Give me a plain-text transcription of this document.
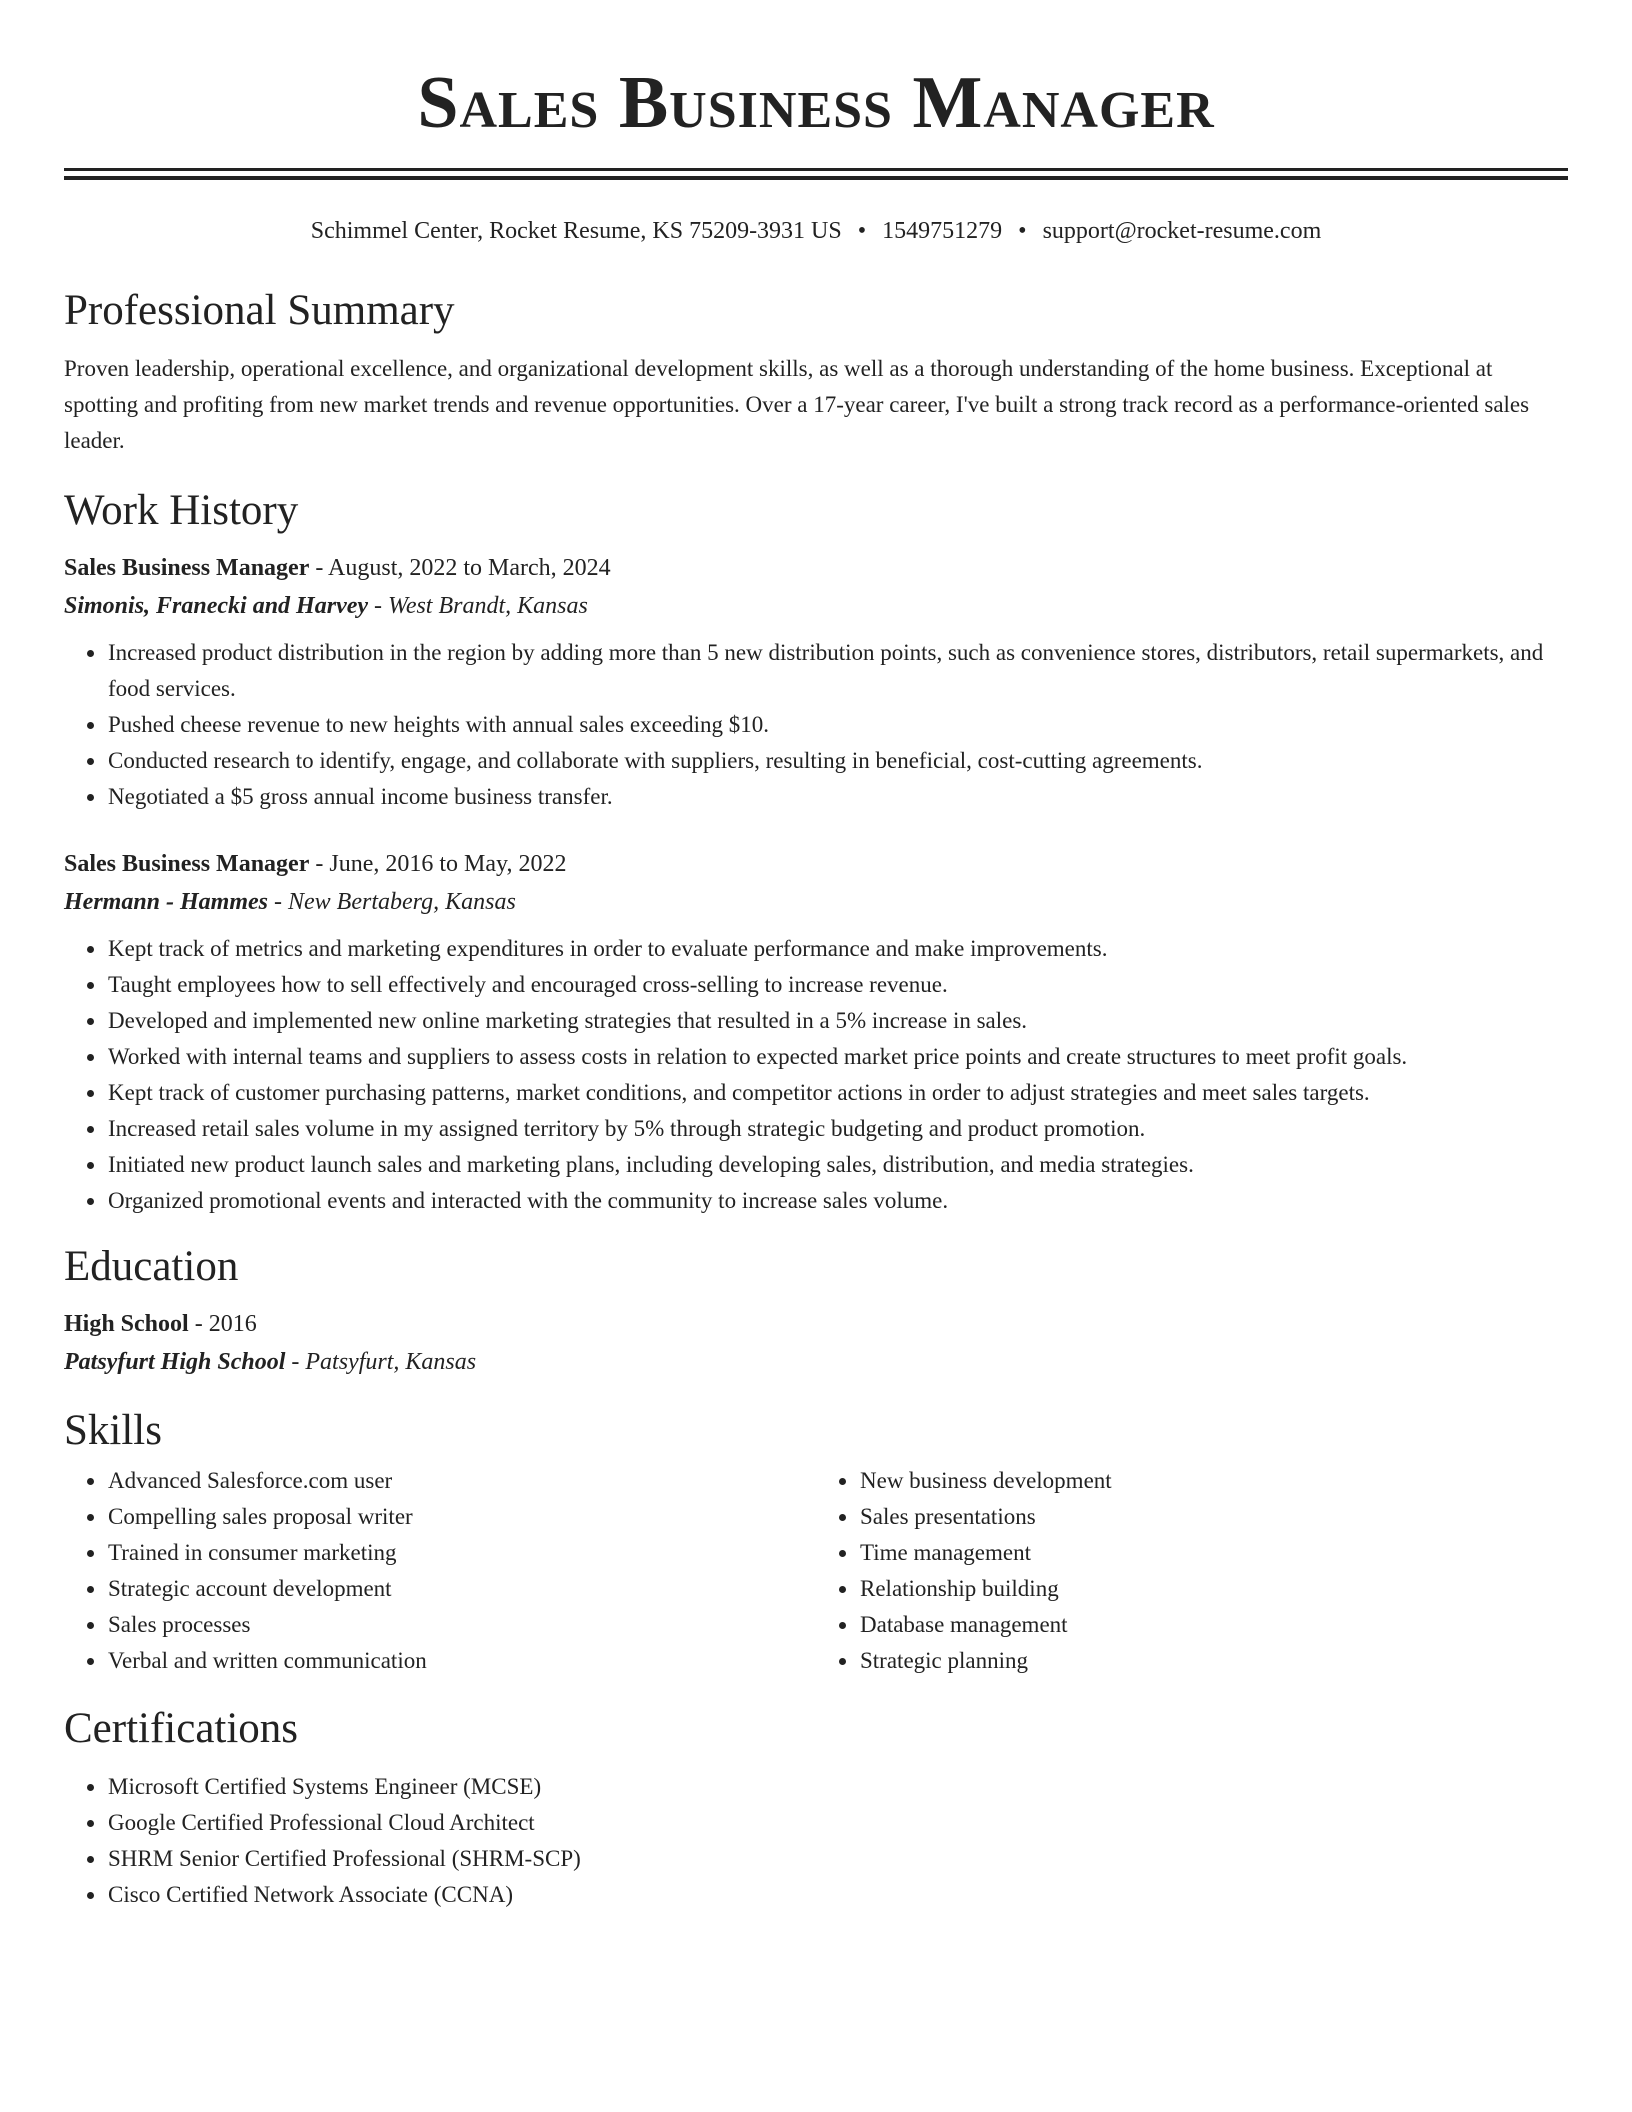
Sales Business Manager
Schimmel Center, Rocket Resume, KS 75209-3931 US • 1549751279 • support@rocket-resume.com
Professional Summary

Proven leadership, operational excellence, and organizational development skills, as well as a thorough understanding of the home business. Exceptional at spotting and profiting from new market trends and revenue opportunities. Over a 17-year career, I've built a strong track record as a performance-oriented sales leader.

Work History
Sales Business Manager - August, 2022 to March, 2024
Simonis, Franecki and Harvey - West Brandt, Kansas
• Increased product distribution in the region by adding more than 5 new distribution points, such as convenience stores, distributors, retail supermarkets, and food services.
• Pushed cheese revenue to new heights with annual sales exceeding $10.
• Conducted research to identify, engage, and collaborate with suppliers, resulting in beneficial, cost-cutting agreements.
• Negotiated a $5 gross annual income business transfer.
Sales Business Manager - June, 2016 to May, 2022
Hermann - Hammes - New Bertaberg, Kansas
• Kept track of metrics and marketing expenditures in order to evaluate performance and make improvements.
• Taught employees how to sell effectively and encouraged cross-selling to increase revenue.
• Developed and implemented new online marketing strategies that resulted in a 5% increase in sales.
• Worked with internal teams and suppliers to assess costs in relation to expected market price points and create structures to meet profit goals.
• Kept track of customer purchasing patterns, market conditions, and competitor actions in order to adjust strategies and meet sales targets.
• Increased retail sales volume in my assigned territory by 5% through strategic budgeting and product promotion.
• Initiated new product launch sales and marketing plans, including developing sales, distribution, and media strategies.
• Organized promotional events and interacted with the community to increase sales volume.
Education
High School - 2016
Patsyfurt High School - Patsyfurt, Kansas
Skills
• Advanced Salesforce.com user
• Compelling sales proposal writer
• Trained in consumer marketing
• Strategic account development
• Sales processes
• Verbal and written communication
• New business development
• Sales presentations
• Time management
• Relationship building
• Database management
• Strategic planning
Certifications
• Microsoft Certified Systems Engineer (MCSE)
• Google Certified Professional Cloud Architect
• SHRM Senior Certified Professional (SHRM-SCP)
• Cisco Certified Network Associate (CCNA)
